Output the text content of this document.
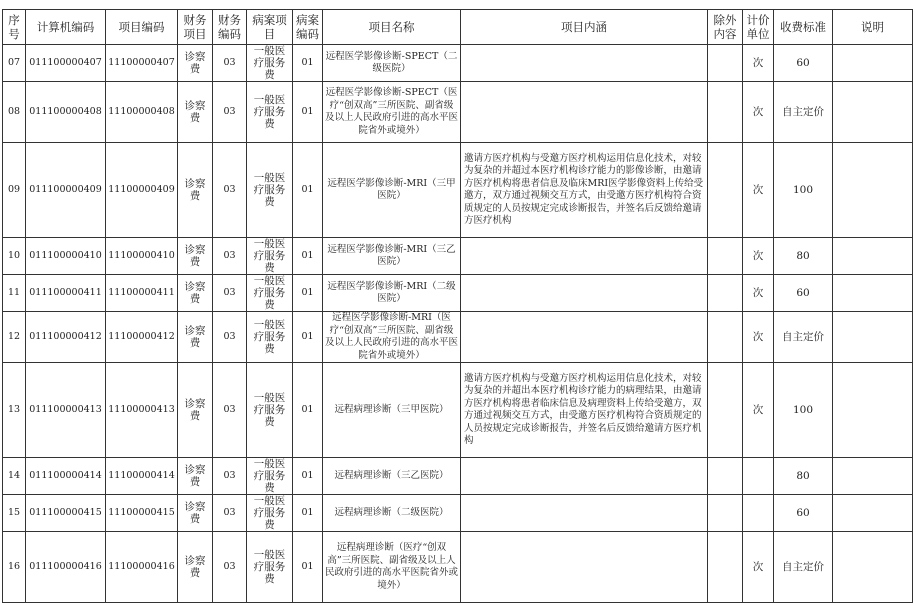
序号	计算机编码	项目编码	财务项目	财务编码	病案项目	病案编码	项目名称	项目内涵	除外内容	计价单位	收费标准	说明
07	011100000407	11100000407	诊察费	03	一般医疗服务费	01	远程医学影像诊断-SPECT（二级医院）			次	60	
08	011100000408	11100000408	诊察费	03	一般医疗服务费	01	远程医学影像诊断-SPECT（医疗“创双高”三所医院、副省级及以上人民政府引进的高水平医院省外或境外）			次	自主定价	
09	011100000409	11100000409	诊察费	03	一般医疗服务费	01	远程医学影像诊断-MRI（三甲医院）	邀请方医疗机构与受邀方医疗机构运用信息化技术，对较为复杂的并超过本医疗机构诊疗能力的影像诊断，由邀请方医疗机构将患者信息及临床MRI医学影像资料上传给受邀方，双方通过视频交互方式，由受邀方医疗机构符合资质规定的人员按规定完成诊断报告，并签名后反馈给邀请方医疗机构		次	100	
10	011100000410	11100000410	诊察费	03	一般医疗服务费	01	远程医学影像诊断-MRI（三乙医院）			次	80	
11	011100000411	11100000411	诊察费	03	一般医疗服务费	01	远程医学影像诊断-MRI（二级医院）			次	60	
12	011100000412	11100000412	诊察费	03	一般医疗服务费	01	远程医学影像诊断-MRI（医疗“创双高”三所医院、副省级及以上人民政府引进的高水平医院省外或境外）			次	自主定价	
13	011100000413	11100000413	诊察费	03	一般医疗服务费	01	远程病理诊断（三甲医院）	邀请方医疗机构与受邀方医疗机构运用信息化技术，对较为复杂的并超出本医疗机构诊疗能力的病理结果，由邀请方医疗机构将患者临床信息及病理资料上传给受邀方，双方通过视频交互方式，由受邀方医疗机构符合资质规定的人员按规定完成诊断报告，并签名后反馈给邀请方医疗机构		次	100	
14	011100000414	11100000414	诊察费	03	一般医疗服务费	01	远程病理诊断（三乙医院）				80	
15	011100000415	11100000415	诊察费	03	一般医疗服务费	01	远程病理诊断（二级医院）				60	
16	011100000416	11100000416	诊察费	03	一般医疗服务费	01	远程病理诊断（医疗“创双高”三所医院、副省级及以上人民政府引进的高水平医院省外或境外）			次	自主定价	
